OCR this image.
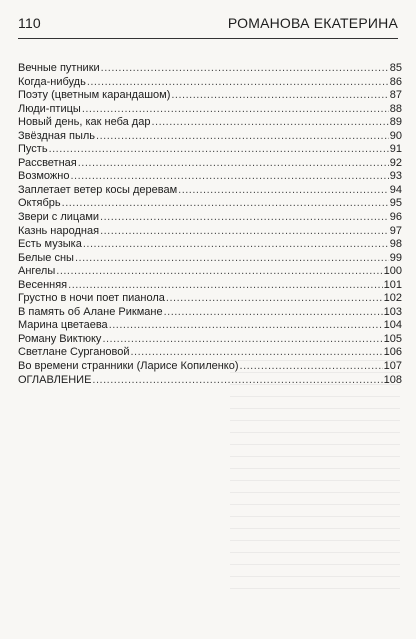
110	РОМАНОВА ЕКАТЕРИНА
Вечные путники .....	85
Когда-нибудь .....	86
Поэту (цветным карандашом) .....	87
Люди-птицы .....	88
Новый день, как неба дар .....	89
Звёздная пыль .....	90
Пусть .....	91
Рассветная .....	92
Возможно .....	93
Заплетает ветер косы деревам .....	94
Октябрь .....	95
Звери с лицами .....	96
Казнь народная .....	97
Есть музыка .....	98
Белые сны .....	99
Ангелы .....	100
Весенняя .....	101
Грустно в ночи поет пианола .....	102
В память об Алане Рикмане .....	103
Марина цветаева .....	104
Роману Виктюку .....	105
Светлане Сургановой .....	106
Во времени странники (Ларисе Копиленко) .....	107
ОГЛАВЛЕНИЕ .....	108
